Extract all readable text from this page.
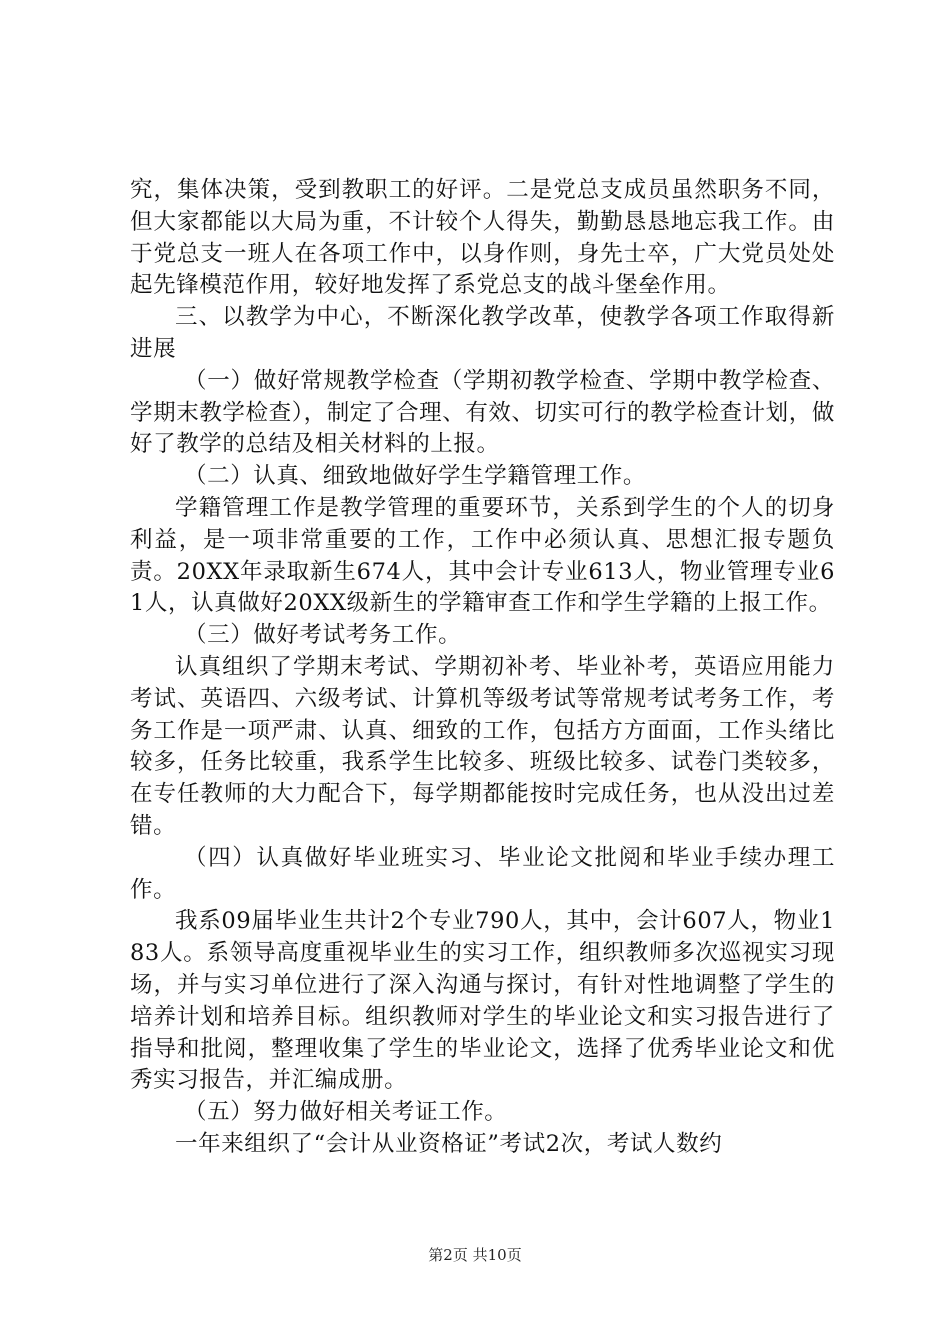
究，集体决策，受到教职工的好评。二是党总支成员虽然职务不同，但大家都能以大局为重，不计较个人得失，勤勤恳恳地忘我工作。由于党总支一班人在各项工作中，以身作则，身先士卒，广大党员处处起先锋模范作用，较好地发挥了系党总支的战斗堡垒作用。

三、以教学为中心，不断深化教学改革，使教学各项工作取得新进展

（一）做好常规教学检查（学期初教学检查、学期中教学检查、学期末教学检查），制定了合理、有效、切实可行的教学检查计划，做好了教学的总结及相关材料的上报。

（二）认真、细致地做好学生学籍管理工作。

学籍管理工作是教学管理的重要环节，关系到学生的个人的切身利益，是一项非常重要的工作，工作中必须认真、思想汇报专题负责。20XX年录取新生674人，其中会计专业613人，物业管理专业61人，认真做好20XX级新生的学籍审查工作和学生学籍的上报工作。

（三）做好考试考务工作。

认真组织了学期末考试、学期初补考、毕业补考，英语应用能力考试、英语四、六级考试、计算机等级考试等常规考试考务工作，考务工作是一项严肃、认真、细致的工作，包括方方面面，工作头绪比较多，任务比较重，我系学生比较多、班级比较多、试卷门类较多，在专任教师的大力配合下，每学期都能按时完成任务，也从没出过差错。

（四）认真做好毕业班实习、毕业论文批阅和毕业手续办理工作。

我系09届毕业生共计2个专业790人，其中，会计607人，物业183人。系领导高度重视毕业生的实习工作，组织教师多次巡视实习现场，并与实习单位进行了深入沟通与探讨，有针对性地调整了学生的培养计划和培养目标。组织教师对学生的毕业论文和实习报告进行了指导和批阅，整理收集了学生的毕业论文，选择了优秀毕业论文和优秀实习报告，并汇编成册。

（五）努力做好相关考证工作。

一年来组织了“会计从业资格证”考试2次，考试人数约

第2页 共10页
